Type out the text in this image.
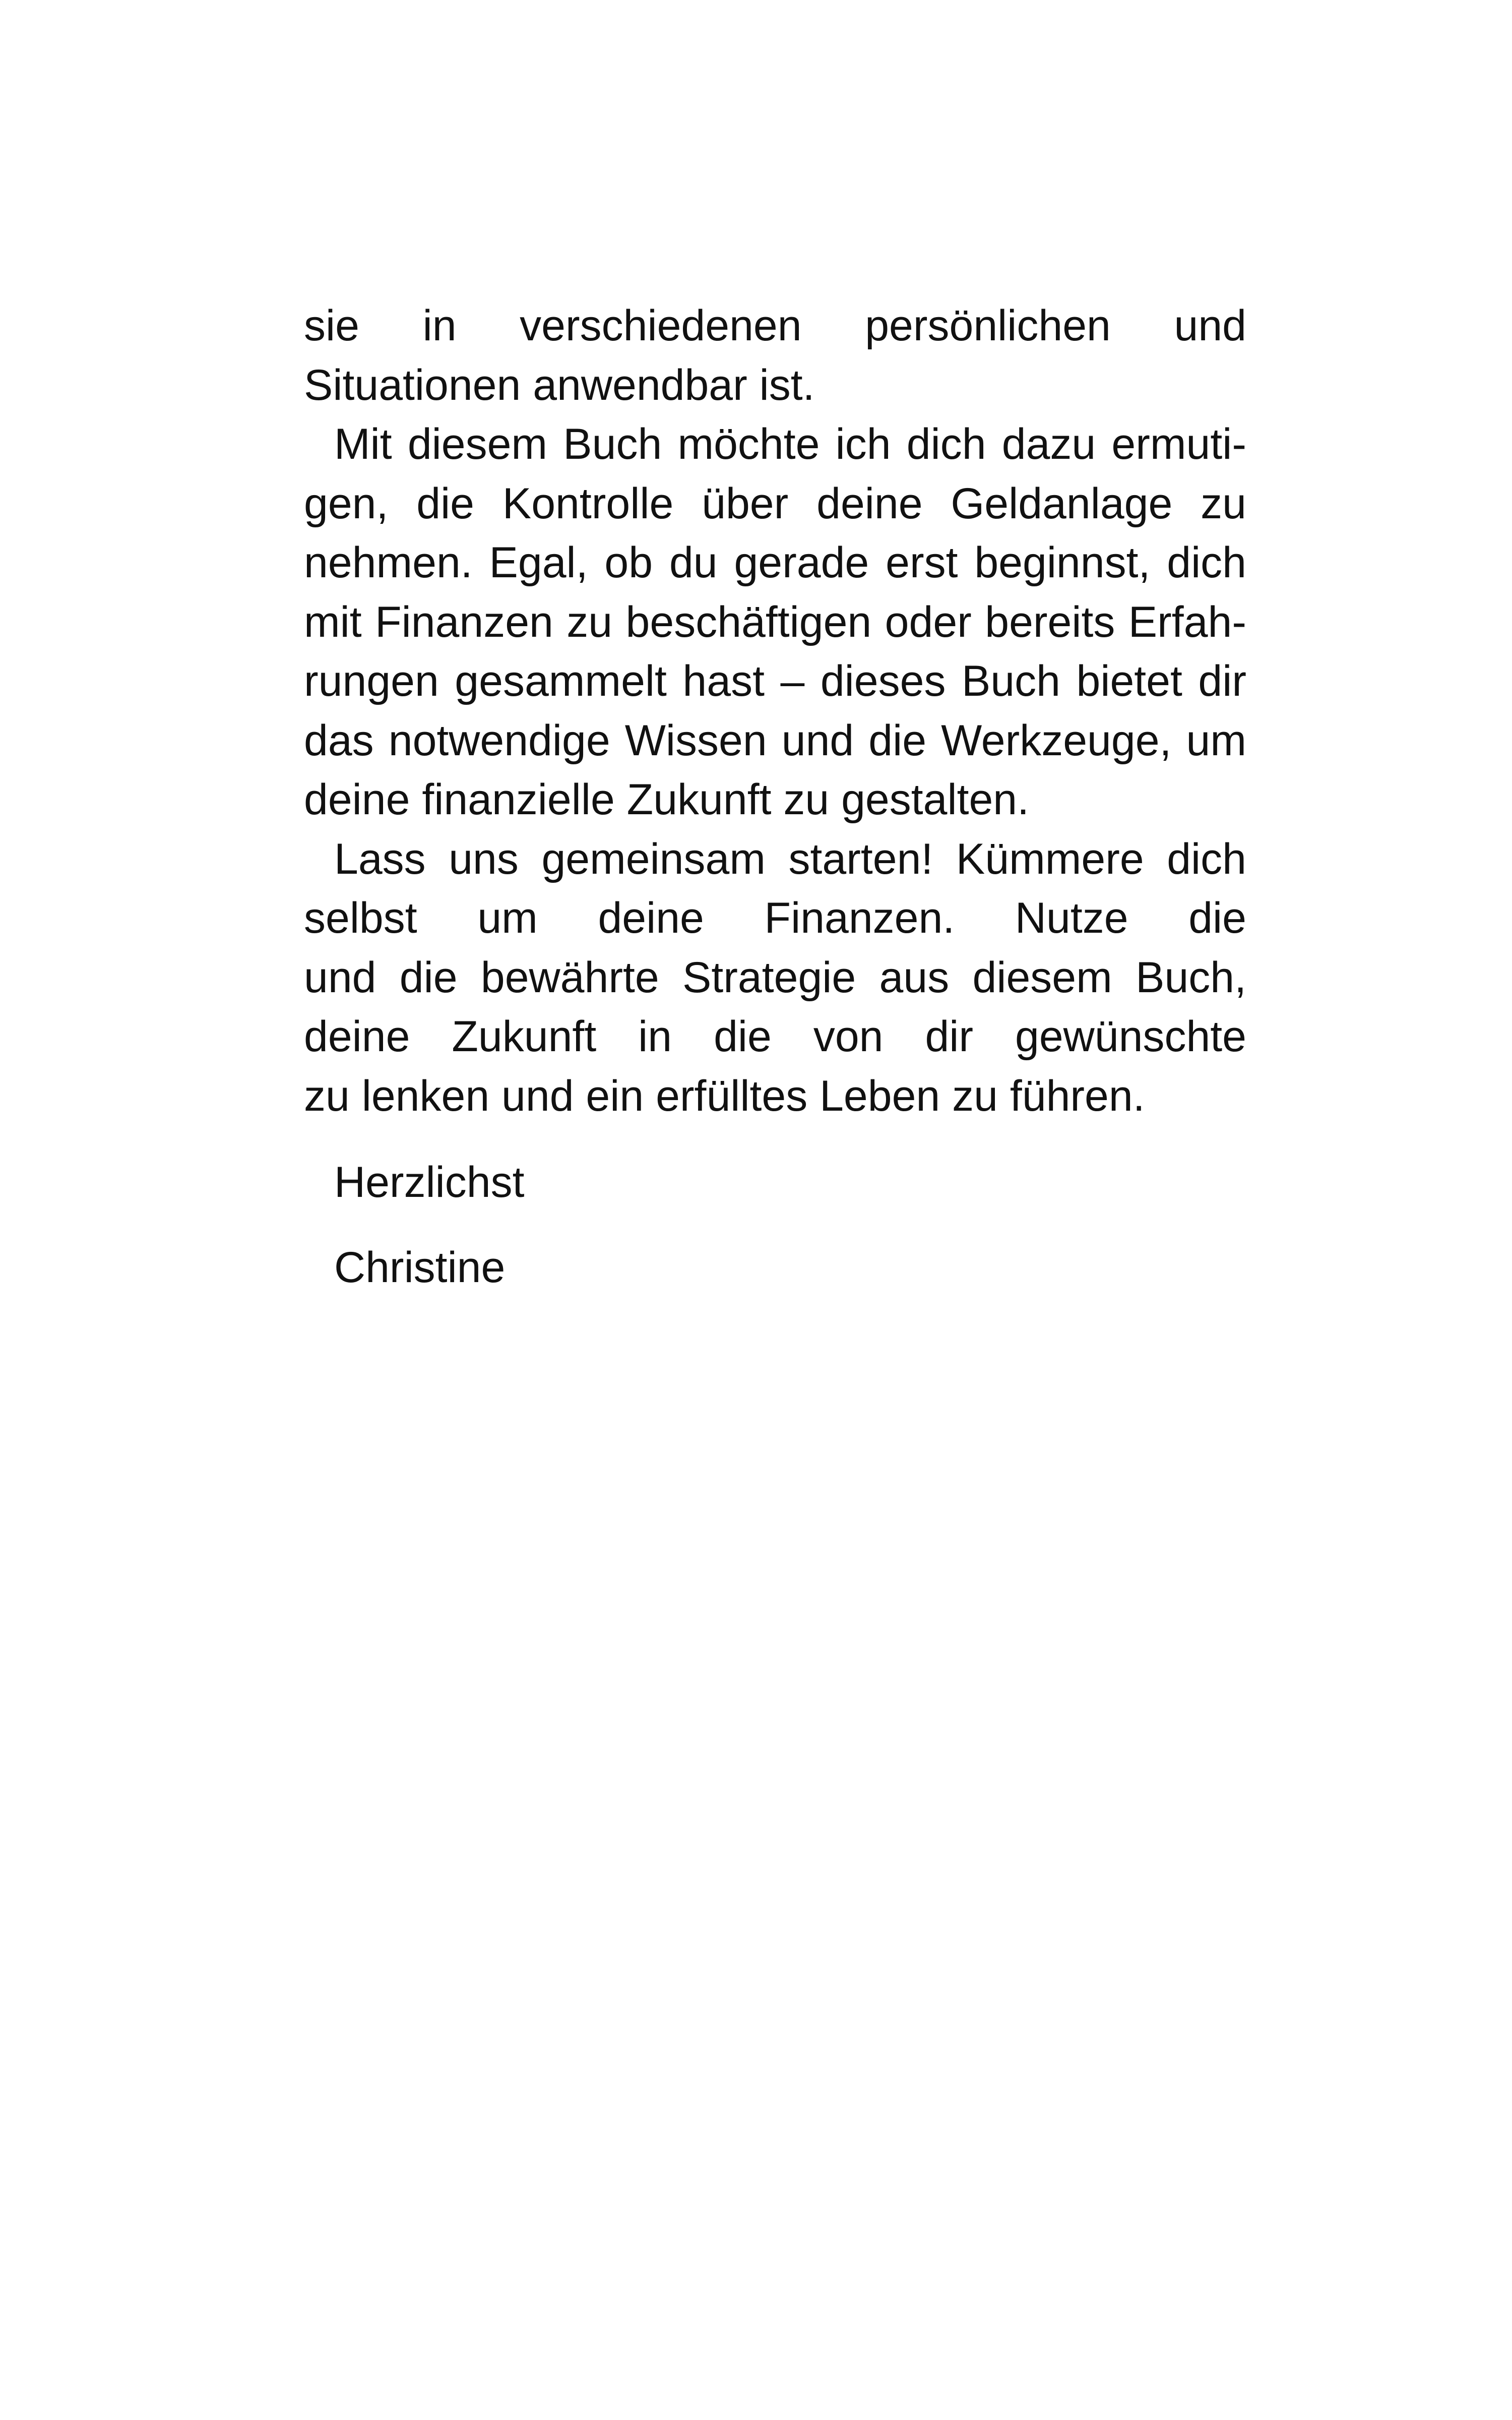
sie in verschiedenen persönlichen und
Situationen anwendbar ist.
Mit diesem Buch möchte ich dich dazu ermuti-
gen, die Kontrolle über deine Geldanlage zu
nehmen. Egal, ob du gerade erst beginnst, dich
mit Finanzen zu beschäftigen oder bereits Erfah-
rungen gesammelt hast – dieses Buch bietet dir
das notwendige Wissen und die Werkzeuge, um
deine finanzielle Zukunft zu gestalten.
Lass uns gemeinsam starten! Kümmere dich
selbst um deine Finanzen. Nutze die
und die bewährte Strategie aus diesem Buch,
deine Zukunft in die von dir gewünschte
zu lenken und ein erfülltes Leben zu führen.
Herzlichst
Christine
